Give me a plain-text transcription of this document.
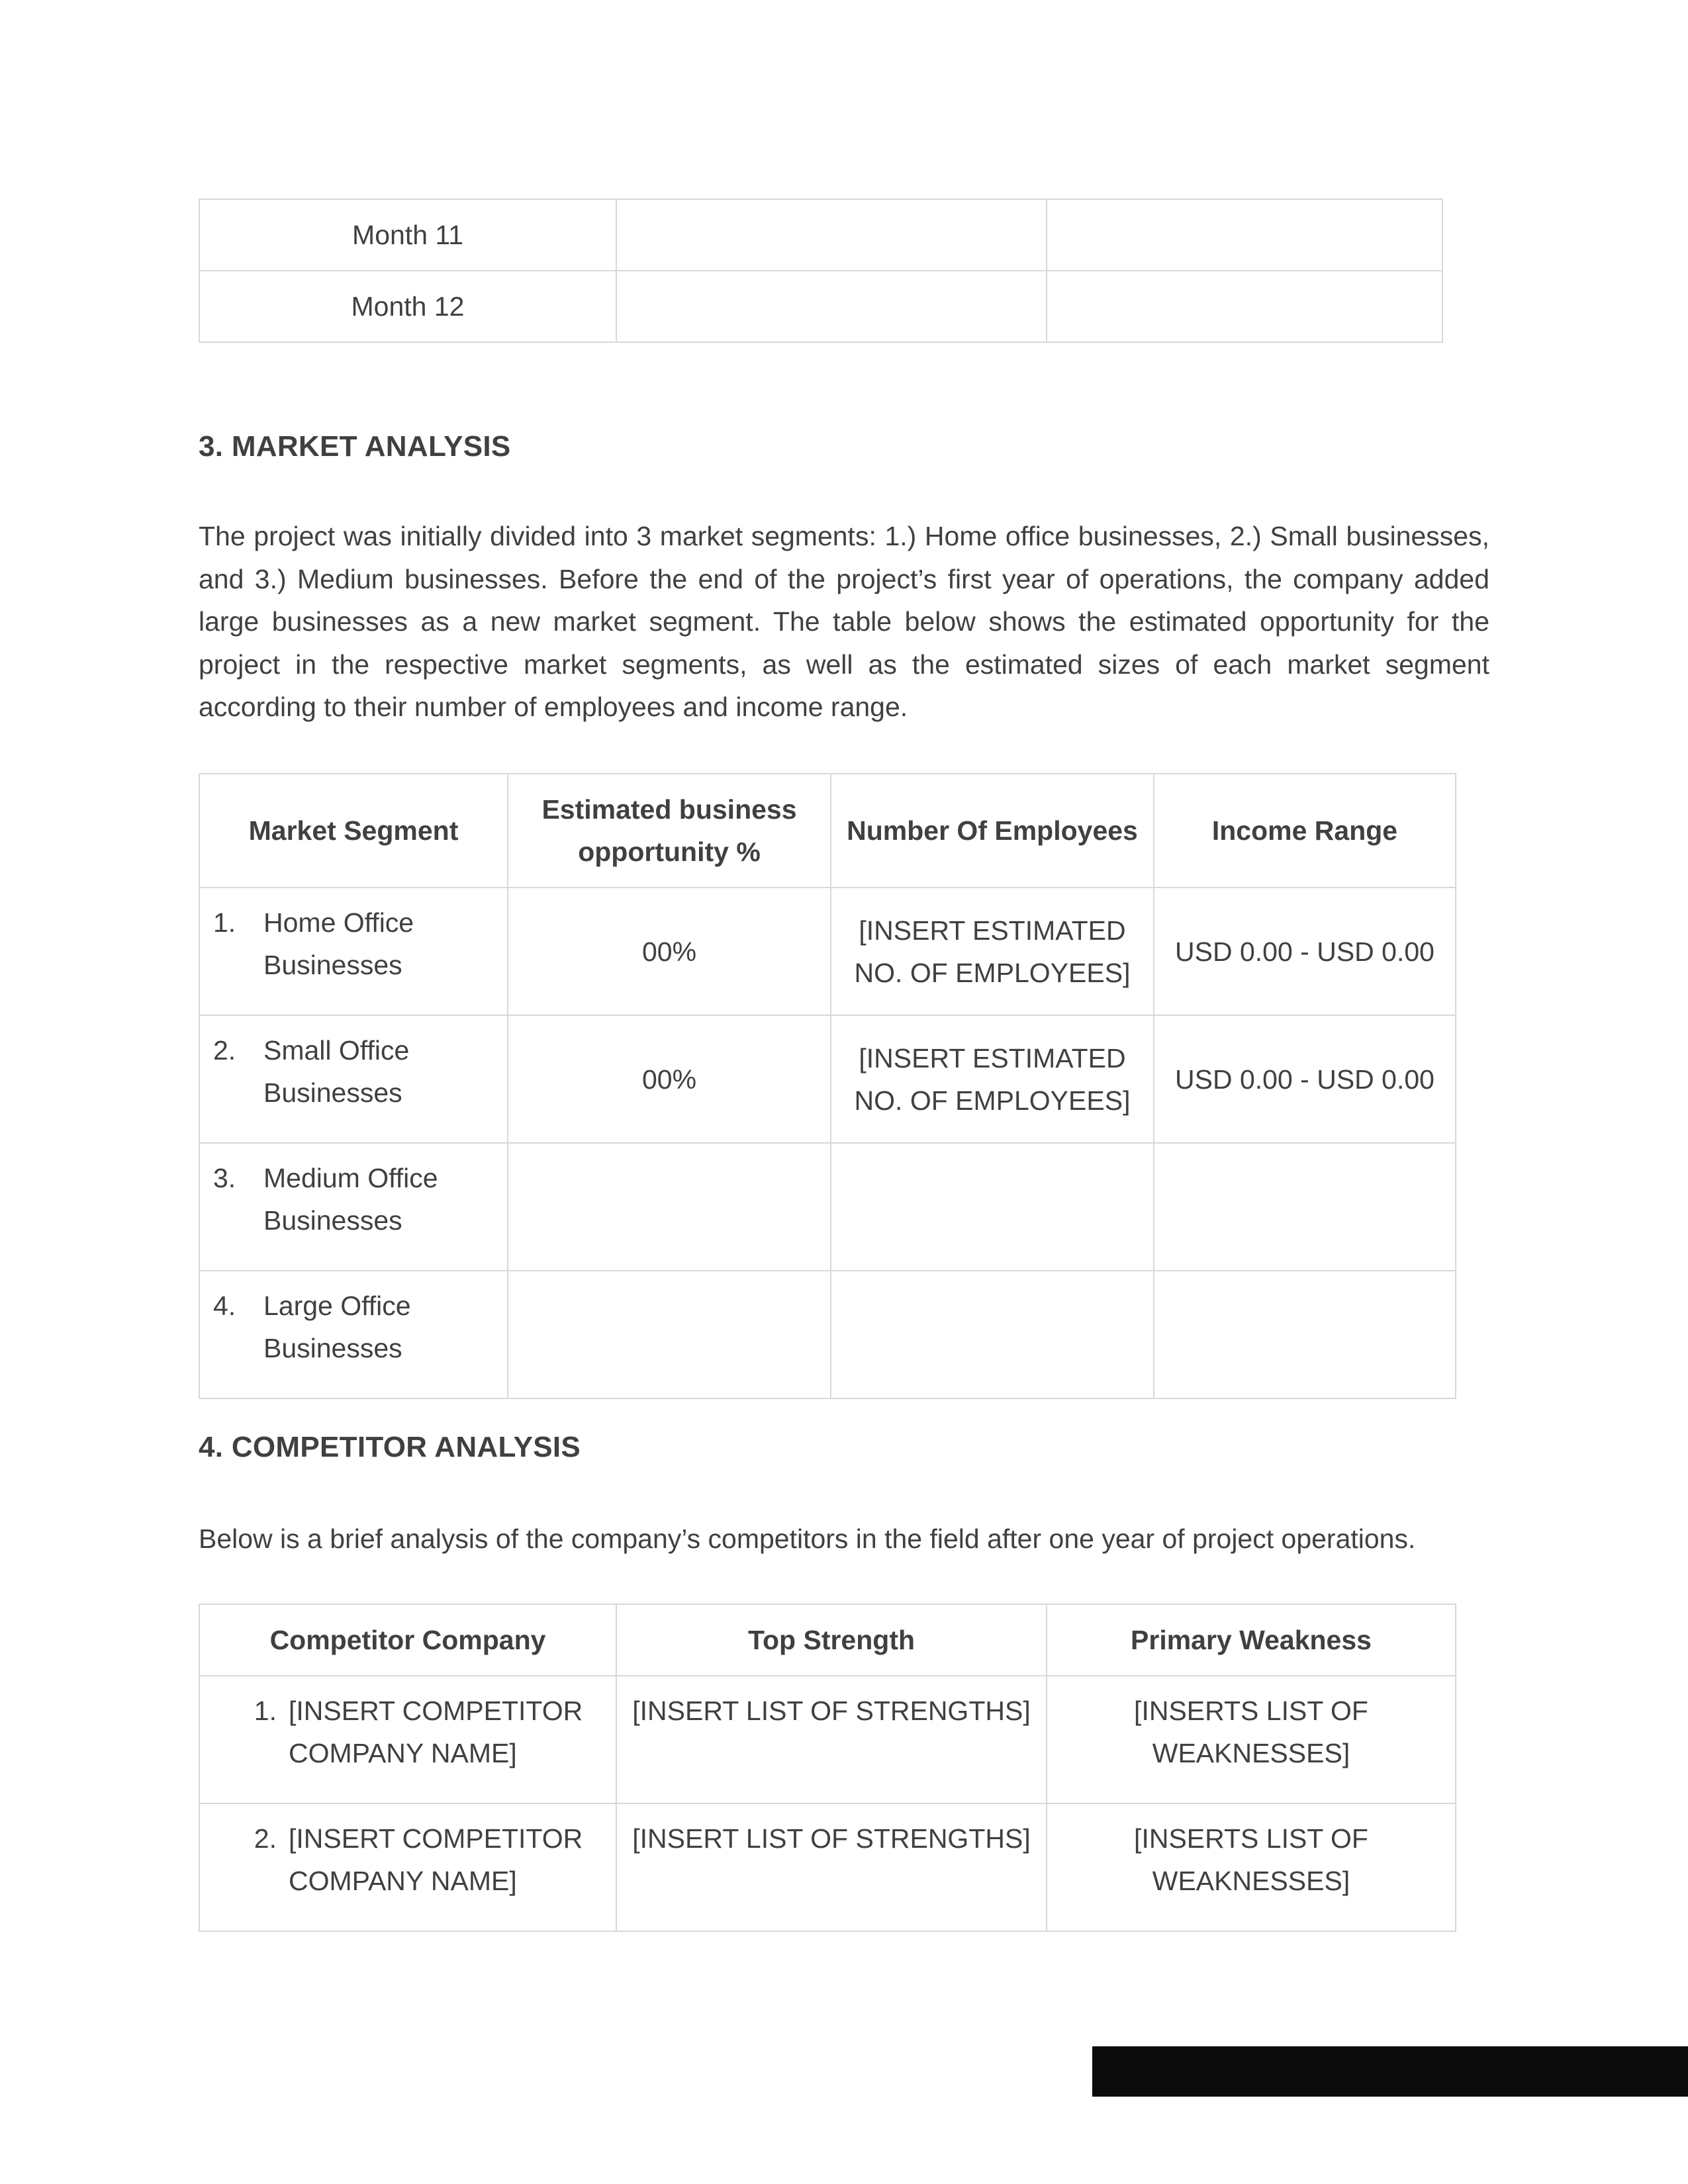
Month 11		
Month 12		
3. MARKET ANALYSIS

The project was initially divided into 3 market segments: 1.) Home office businesses, 2.) Small businesses, and 3.) Medium businesses. Before the end of the project’s first year of operations, the company added large businesses as a new market segment. The table below shows the estimated opportunity for the project in the respective market segments, as well as the estimated sizes of each market segment according to their number of employees and income range.

Market Segment	Estimated business opportunity %	Number Of Employees	Income Range

1. Home Office Businesses	00%	[INSERT ESTIMATED NO. OF EMPLOYEES]	USD 0.00 - USD 0.00

2. Small Office Businesses	00%	[INSERT ESTIMATED NO. OF EMPLOYEES]	USD 0.00 - USD 0.00

3. Medium Office Businesses			

4. Large Office Businesses			

4. COMPETITOR ANALYSIS

Below is a brief analysis of the company’s competitors in the field after one year of project operations.

Competitor Company	Top Strength	Primary Weakness

1. [INSERT COMPETITOR COMPANY NAME]	[INSERT LIST OF STRENGTHS]	[INSERTS LIST OF WEAKNESSES]

2. [INSERT COMPETITOR COMPANY NAME]	[INSERT LIST OF STRENGTHS]	[INSERTS LIST OF WEAKNESSES]
